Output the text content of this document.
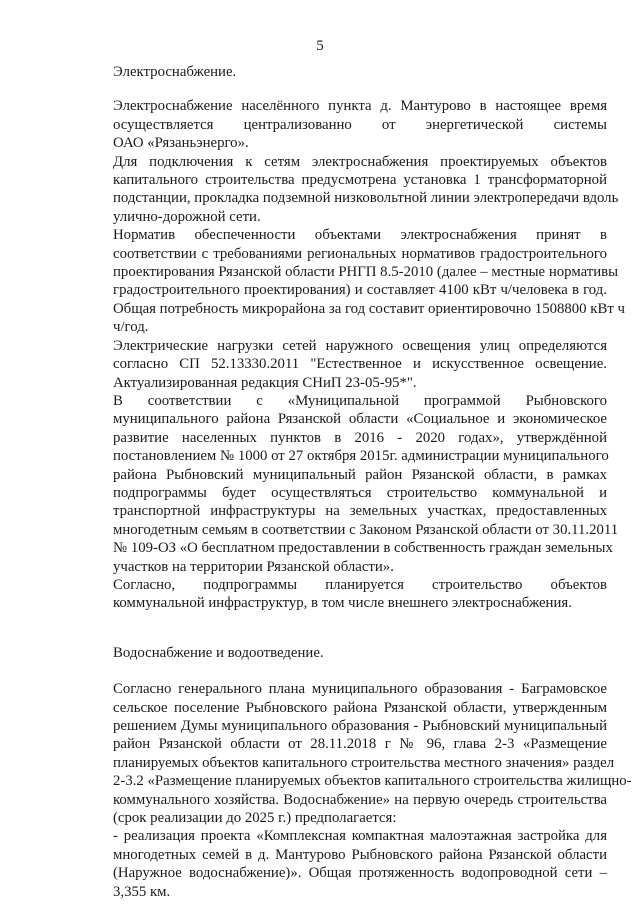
5
Электроснабжение.
Электроснабжение населённого пункта д. Мантурово в настоящее время
осуществляется централизованно от энергетической системы
ОАО «Рязаньэнерго».
Для подключения к сетям электроснабжения проектируемых объектов
капитального строительства предусмотрена установка 1 трансформаторной
подстанции, прокладка подземной низковольтной линии электропередачи вдоль
улично-дорожной сети.
Норматив обеспеченности объектами электроснабжения принят в
соответствии с требованиями региональных нормативов градостроительного
проектирования Рязанской области РНГП 8.5-2010 (далее – местные нормативы
градостроительного проектирования) и составляет 4100 кВт ч/человека в год.
Общая потребность микрорайона за год составит ориентировочно 1508800 кВт ч
ч/год.
Электрические нагрузки сетей наружного освещения улиц определяются
согласно СП 52.13330.2011 "Естественное и искусственное освещение.
Актуализированная редакция СНиП 23-05-95*".
В соответствии с «Муниципальной программой Рыбновского
муниципального района Рязанской области «Социальное и экономическое
развитие населенных пунктов в 2016 - 2020 годах», утверждённой
постановлением № 1000 от 27 октября 2015г. администрации муниципального
района Рыбновский муниципальный район Рязанской области, в рамках
подпрограммы будет осуществляться строительство коммунальной и
транспортной инфраструктуры на земельных участках, предоставленных
многодетным семьям в соответствии с Законом Рязанской области от 30.11.2011
№ 109-ОЗ «О бесплатном предоставлении в собственность граждан земельных
участков на территории Рязанской области».
Согласно, подпрограммы планируется строительство объектов
коммунальной инфраструктур, в том числе внешнего электроснабжения.
Водоснабжение и водоотведение.
Согласно генерального плана муниципального образования - Баграмовское
сельское поселение Рыбновского района Рязанской области, утвержденным
решением Думы муниципального образования - Рыбновский муниципальный
район Рязанской области от 28.11.2018 г № 96, глава 2-3 «Размещение
планируемых объектов капитального строительства местного значения» раздел
2-3.2 «Размещение планируемых объектов капитального строительства жилищно-
коммунального хозяйства. Водоснабжение» на первую очередь строительства
(срок реализации до 2025 г.) предполагается:
- реализация проекта «Комплексная компактная малоэтажная застройка для
многодетных семей в д. Мантурово Рыбновского района Рязанской области
(Наружное водоснабжение)». Общая протяженность водопроводной сети –
3,355 км.
